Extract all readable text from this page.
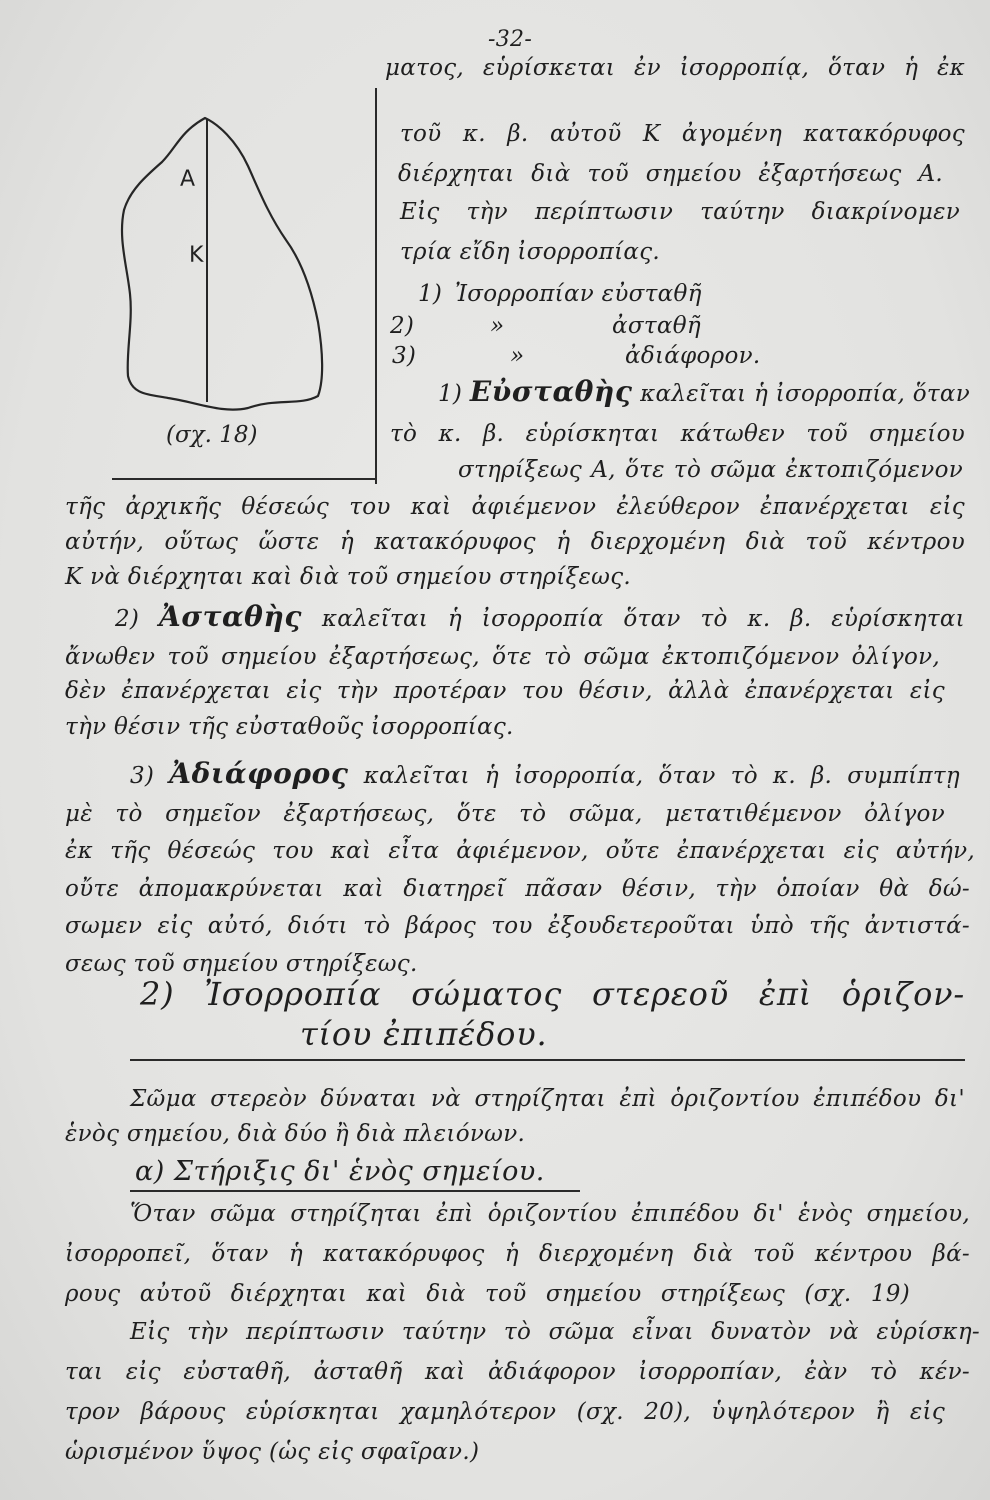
-32-
Α
Κ
(σχ. 18)
ματος, εὑρίσκεται ἐν ἰσορροπίᾳ, ὅταν ἡ ἐκ
τοῦ κ. β. αὐτοῦ Κ ἀγομένη κατακόρυφος
διέρχηται διὰ τοῦ σημείου ἐξαρτήσεως Α.
Εἰς τὴν περίπτωσιν ταύτην διακρίνομεν
τρία εἴδη ἰσορροπίας.
1) Ἰσορροπίαν εὐσταθῆ
2)	»	ἀσταθῆ
3)	»	ἀδιάφορον.
1) Εὐσταθὴς καλεῖται ἡ ἰσορροπία, ὅταν
τὸ κ. β. εὑρίσκηται κάτωθεν τοῦ σημείου
στηρίξεως Α, ὅτε τὸ σῶμα ἐκτοπιζόμενον
τῆς ἀρχικῆς θέσεώς του καὶ ἀφιέμενον ἐλεύθερον ἐπανέρχεται εἰς
αὐτήν, οὕτως ὥστε ἡ κατακόρυφος ἡ διερχομένη διὰ τοῦ κέντρου
Κ νὰ διέρχηται καὶ διὰ τοῦ σημείου στηρίξεως.
2) Ἀσταθὴς καλεῖται ἡ ἰσορροπία ὅταν τὸ κ. β. εὑρίσκηται
ἄνωθεν τοῦ σημείου ἐξαρτήσεως, ὅτε τὸ σῶμα ἐκτοπιζόμενον ὀλίγον,
δὲν ἐπανέρχεται εἰς τὴν προτέραν του θέσιν, ἀλλὰ ἐπανέρχεται εἰς
τὴν θέσιν τῆς εὐσταθοῦς ἰσορροπίας.
3) Ἀδιάφορος καλεῖται ἡ ἰσορροπία, ὅταν τὸ κ. β. συμπίπτῃ
μὲ τὸ σημεῖον ἐξαρτήσεως, ὅτε τὸ σῶμα, μετατιθέμενον ὀλίγον
ἐκ τῆς θέσεώς του καὶ εἶτα ἀφιέμενον, οὔτε ἐπανέρχεται εἰς αὐτήν,
οὔτε ἀπομακρύνεται καὶ διατηρεῖ πᾶσαν θέσιν, τὴν ὁποίαν θὰ δώ-
σωμεν εἰς αὐτό, διότι τὸ βάρος του ἐξουδετεροῦται ὑπὸ τῆς ἀντιστά-
σεως τοῦ σημείου στηρίξεως.
2) Ἰσορροπία σώματος στερεοῦ ἐπὶ ὁριζον-
τίου ἐπιπέδου.
Σῶμα στερεὸν δύναται νὰ στηρίζηται ἐπὶ ὁριζοντίου ἐπιπέδου δι'
ἑνὸς σημείου, διὰ δύο ἢ διὰ πλειόνων.
α) Στήριξις δι' ἑνὸς σημείου.
Ὅταν σῶμα στηρίζηται ἐπὶ ὁριζοντίου ἐπιπέδου δι' ἑνὸς σημείου,
ἰσορροπεῖ, ὅταν ἡ κατακόρυφος ἡ διερχομένη διὰ τοῦ κέντρου βά-
ρους αὐτοῦ διέρχηται καὶ διὰ τοῦ σημείου στηρίξεως (σχ. 19)
Εἰς τὴν περίπτωσιν ταύτην τὸ σῶμα εἶναι δυνατὸν νὰ εὑρίσκη-
ται εἰς εὐσταθῆ, ἀσταθῆ καὶ ἀδιάφορον ἰσορροπίαν, ἐὰν τὸ κέν-
τρον βάρους εὑρίσκηται χαμηλότερον (σχ. 20), ὑψηλότερον ἢ εἰς
ὡρισμένον ὕψος (ὡς εἰς σφαῖραν.)
